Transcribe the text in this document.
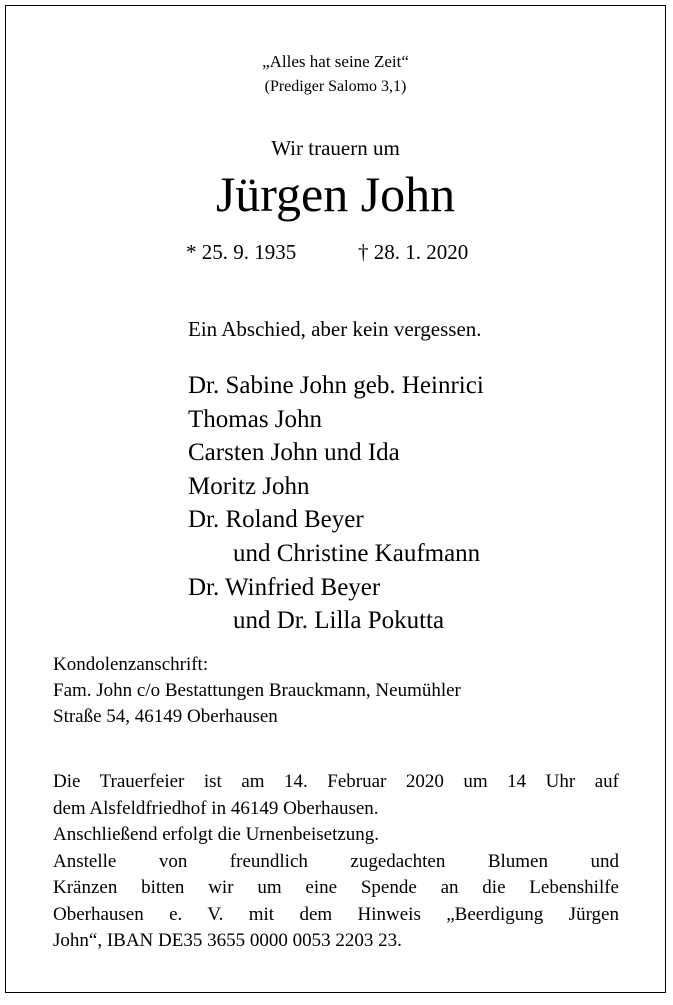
„Alles hat seine Zeit“
(Prediger Salomo 3,1)
Wir trauern um
Jürgen John
* 25. 9. 1935	† 28. 1. 2020
Ein Abschied, aber kein vergessen.
Dr. Sabine John geb. Heinrici
Thomas John
Carsten John und Ida
Moritz John
Dr. Roland Beyer
und Christine Kaufmann
Dr. Winfried Beyer
und Dr. Lilla Pokutta
Kondolenzanschrift:
Fam. John c/o Bestattungen Brauckmann, Neumühler
Straße 54, 46149 Oberhausen
Die Trauerfeier ist am 14. Februar 2020 um 14 Uhr auf
dem Alsfeldfriedhof in 46149 Oberhausen.
Anschließend erfolgt die Urnenbeisetzung.
Anstelle von freundlich zugedachten Blumen und
Kränzen bitten wir um eine Spende an die Lebenshilfe
Oberhausen e. V. mit dem Hinweis „Beerdigung Jürgen
John“, IBAN DE35 3655 0000 0053 2203 23.
